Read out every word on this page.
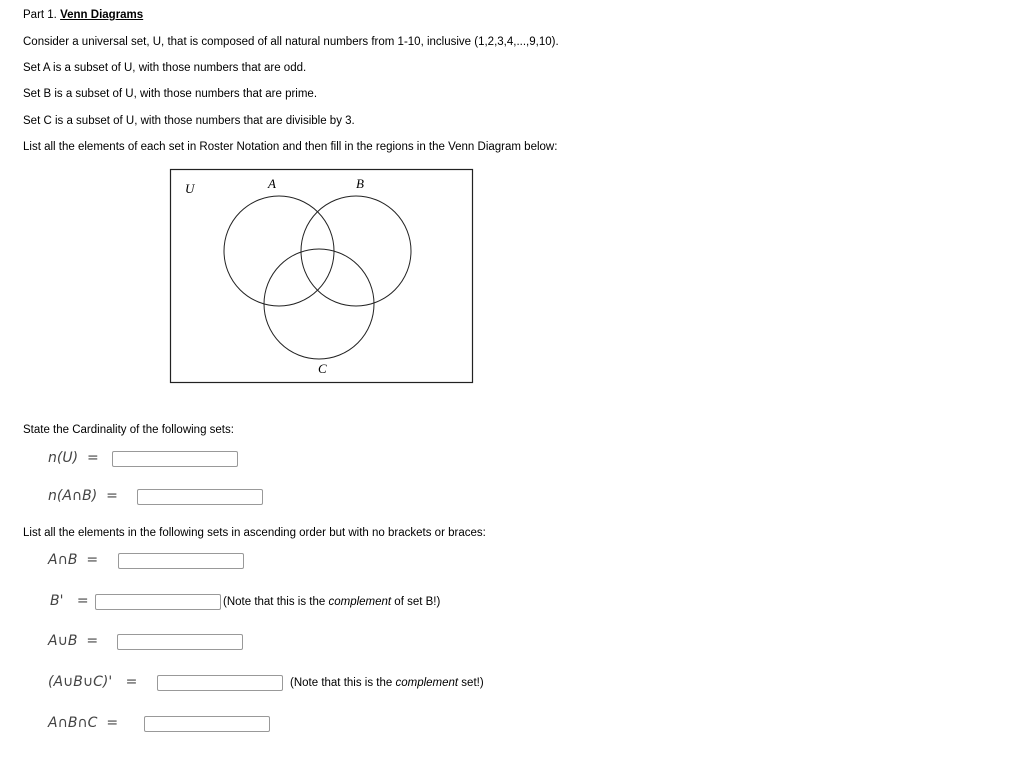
Part 1. Venn Diagrams
Consider a universal set, U, that is composed of all natural numbers from 1-10, inclusive (1,2,3,4,...,9,10).
Set A is a subset of U, with those numbers that are odd.
Set B is a subset of U, with those numbers that are prime.
Set C is a subset of U, with those numbers that are divisible by 3.
List all the elements of each set in Roster Notation and then fill in the regions in the Venn Diagram below:
U	A	B
C
State the Cardinality of the following sets:
n(U) =
n(A∩B) =
List all the elements in the following sets in ascending order but with no brackets or braces:
A∩B =
B' =	(Note that this is the complement of set B!)
A∪B =
(A∪B∪C)' =	(Note that this is the complement set!)
A∩B∩C =
